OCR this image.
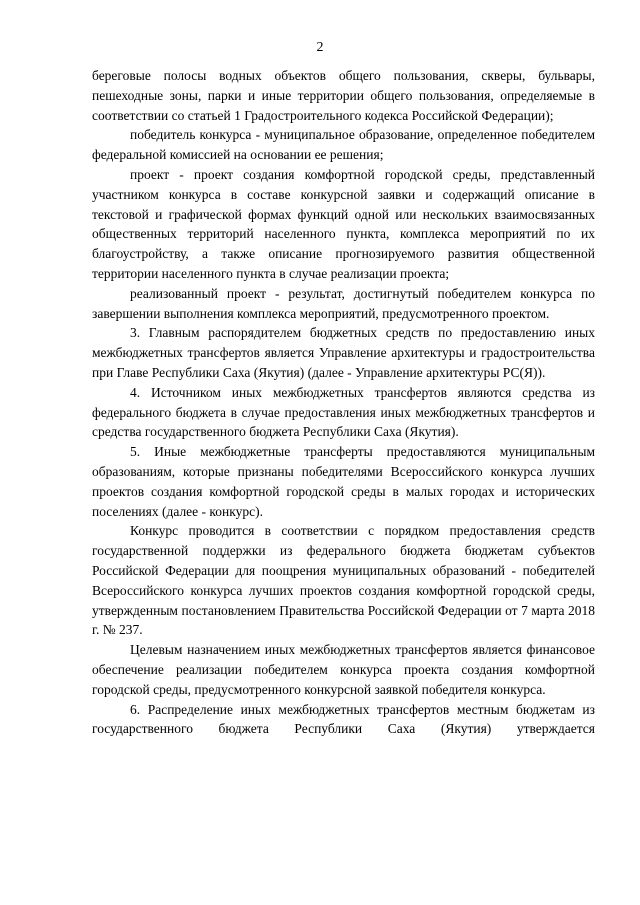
2

береговые полосы водных объектов общего пользования, скверы, бульвары, пешеходные зоны, парки и иные территории общего пользования, определяемые в соответствии со статьей 1 Градостроительного кодекса Российской Федерации);

победитель конкурса - муниципальное образование, определенное победителем федеральной комиссией на основании ее решения;

проект - проект создания комфортной городской среды, представленный участником конкурса в составе конкурсной заявки и содержащий описание в текстовой и графической формах функций одной или нескольких взаимосвязанных общественных территорий населенного пункта, комплекса мероприятий по их благоустройству, а также описание прогнозируемого развития общественной территории населенного пункта в случае реализации проекта;

реализованный проект - результат, достигнутый победителем конкурса по завершении выполнения комплекса мероприятий, предусмотренного проектом.

3. Главным распорядителем бюджетных средств по предоставлению иных межбюджетных трансфертов является Управление архитектуры и градостроительства при Главе Республики Саха (Якутия) (далее - Управление архитектуры РС(Я)).

4. Источником иных межбюджетных трансфертов являются средства из федерального бюджета в случае предоставления иных межбюджетных трансфертов и средства государственного бюджета Республики Саха (Якутия).

5. Иные межбюджетные трансферты предоставляются муниципальным образованиям, которые признаны победителями Всероссийского конкурса лучших проектов создания комфортной городской среды в малых городах и исторических поселениях (далее - конкурс).

Конкурс проводится в соответствии с порядком предоставления средств государственной поддержки из федерального бюджета бюджетам субъектов Российской Федерации для поощрения муниципальных образований - победителей Всероссийского конкурса лучших проектов создания комфортной городской среды, утвержденным постановлением Правительства Российской Федерации от 7 марта 2018 г. № 237.

Целевым назначением иных межбюджетных трансфертов является финансовое обеспечение реализации победителем конкурса проекта создания комфортной городской среды, предусмотренного конкурсной заявкой победителя конкурса.

6. Распределение иных межбюджетных трансфертов местным бюджетам из государственного бюджета Республики Саха (Якутия) утверждается
